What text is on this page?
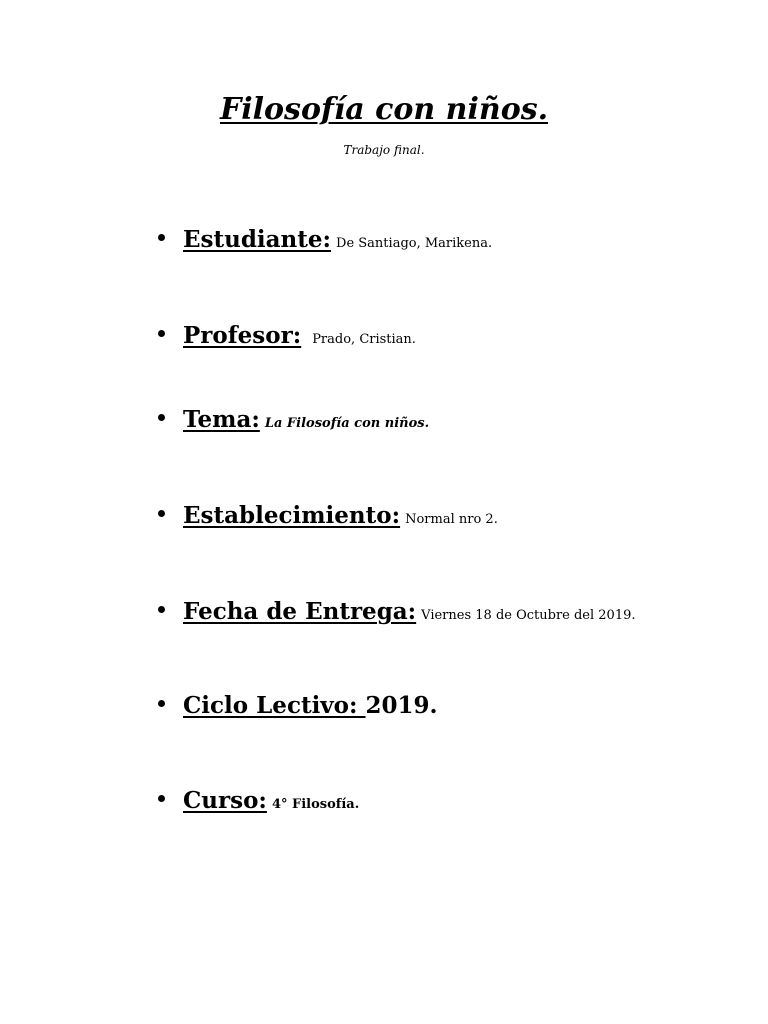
Filosofía con niños.
Trabajo final.
Estudiante: De Santiago, Marikena.
Profesor: Prado, Cristian.
Tema: La Filosofía con niños.
Establecimiento: Normal nro 2.
Fecha de Entrega: Viernes 18 de Octubre del 2019.
Ciclo Lectivo: 2019.
Curso: 4° Filosofía.
